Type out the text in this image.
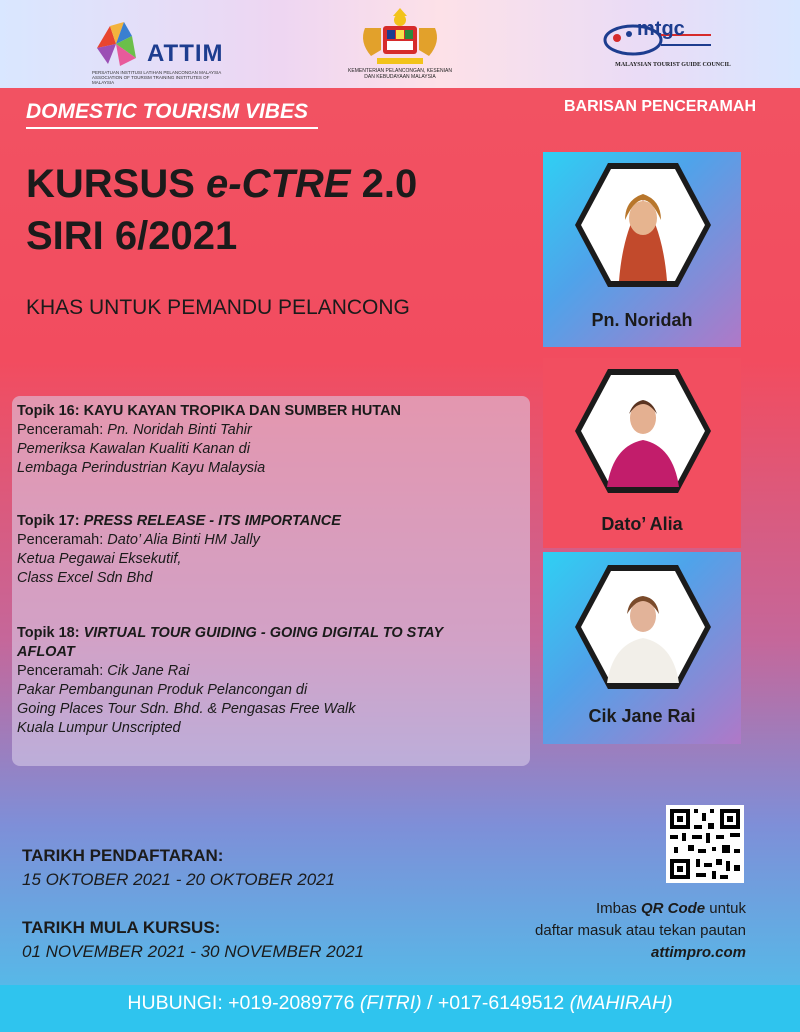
ATTIM
PERSATUAN INSTITUSI LATIHAN PELANCONGAN MALAYSIA ASSOCIATION OF TOURISM TRAINING INSTITUTES OF MALAYSIA
KEMENTERIAN PELANCONGAN, KESENIAN DAN KEBUDAYAAN MALAYSIA
mtgc
MALAYSIAN TOURIST GUIDE COUNCIL
DOMESTIC TOURISM VIBES
KURSUS e-CTRE 2.0
SIRI 6/2021
KHAS UNTUK PEMANDU PELANCONG
BARISAN PENCERAMAH
Pn. Noridah
Dato’ Alia
Cik Jane Rai
Topik 16: KAYU KAYAN TROPIKA DAN SUMBER HUTAN
Penceramah: Pn. Noridah Binti Tahir
Pemeriksa Kawalan Kualiti Kanan di
Lembaga Perindustrian Kayu Malaysia
Topik 17: PRESS RELEASE - ITS IMPORTANCE
Penceramah: Dato’ Alia Binti HM Jally
Ketua Pegawai Eksekutif,
Class Excel Sdn Bhd
Topik 18: VIRTUAL TOUR GUIDING - GOING DIGITAL TO STAY
AFLOAT
Penceramah: Cik Jane Rai
Pakar Pembangunan Produk Pelancongan di
Going Places Tour Sdn. Bhd. & Pengasas Free Walk
Kuala Lumpur Unscripted
TARIKH PENDAFTARAN:
15 OKTOBER 2021 - 20 OKTOBER 2021
TARIKH MULA KURSUS:
01 NOVEMBER 2021 - 30 NOVEMBER 2021
Imbas QR Code untuk
daftar masuk atau tekan pautan
attimpro.com
HUBUNGI: +019-2089776 (FITRI) / +017-6149512 (MAHIRAH)
